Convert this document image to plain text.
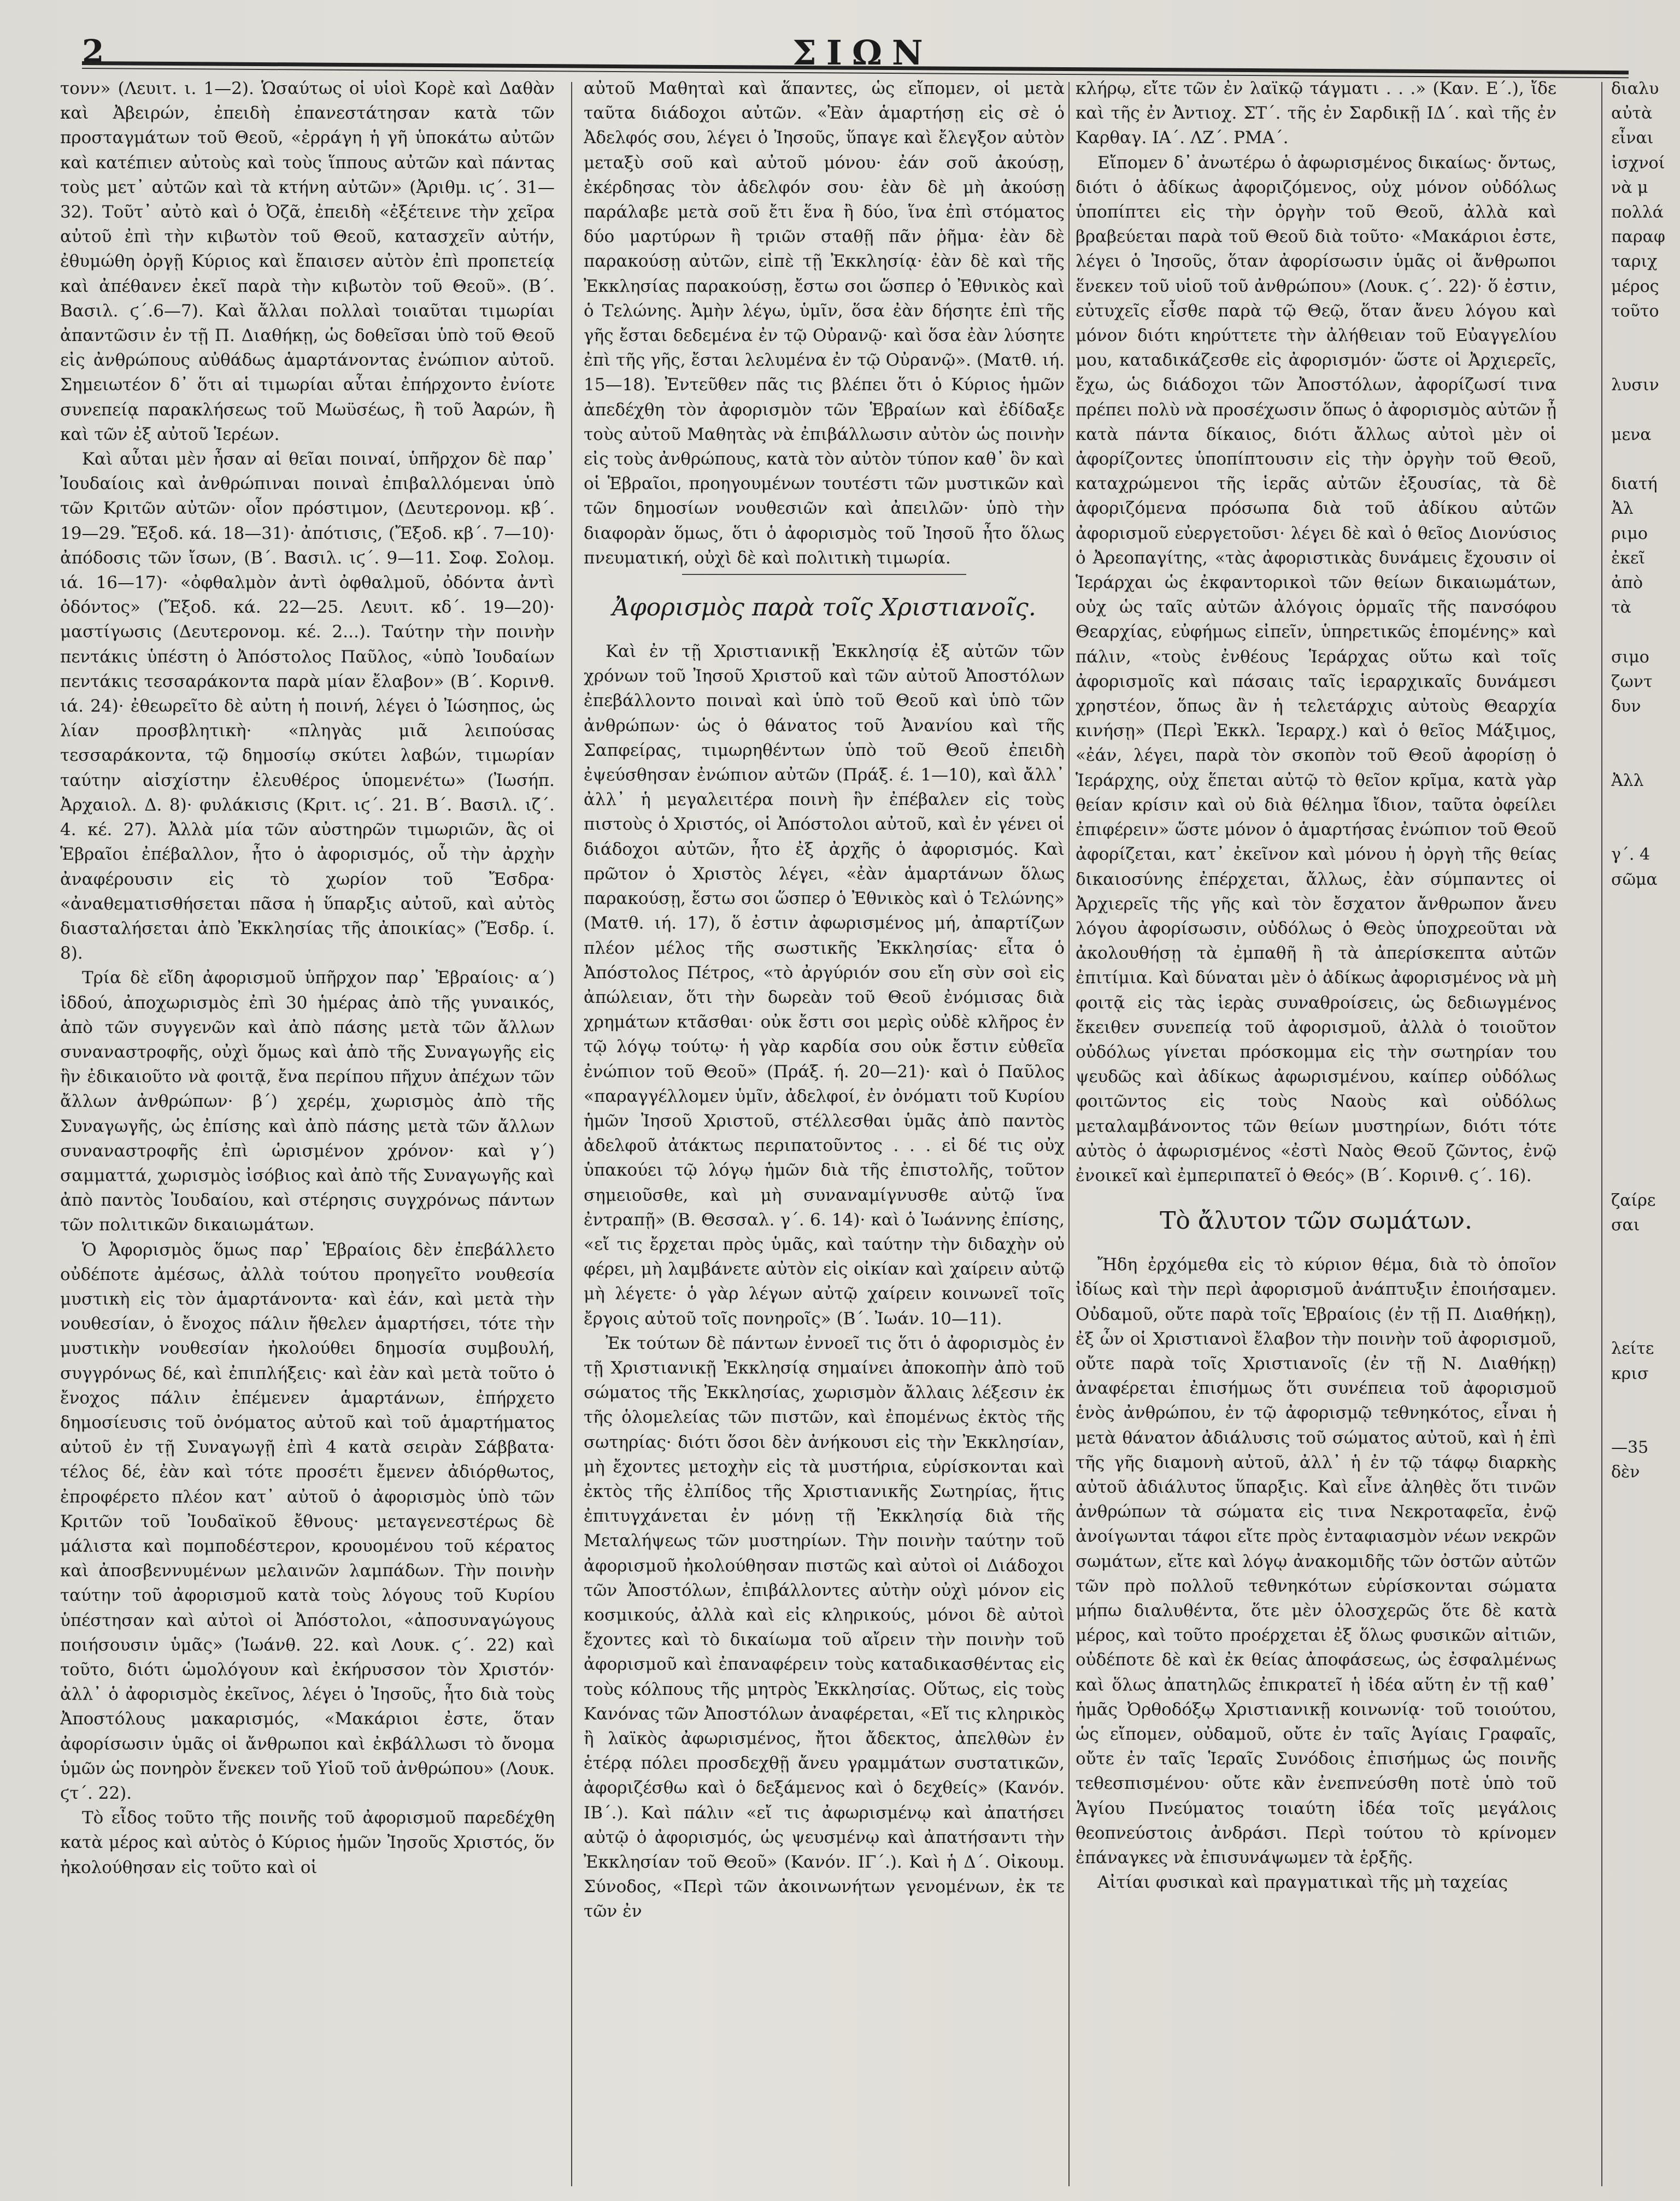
2	ΣΙΩΝ

τονν» (Λευιτ. ι. 1—2). Ὡσαύτως οἱ υἱοὶ Κορὲ καὶ Δαθὰν καὶ Ἀβειρών, ἐπειδὴ ἐπανεστάτησαν κατὰ τῶν προσταγμάτων τοῦ Θεοῦ, «ἐρράγη ἡ γῆ ὑποκάτω αὐτῶν καὶ κατέπιεν αὐτοὺς καὶ τοὺς ἵππους αὐτῶν καὶ πάντας τοὺς μετ᾽ αὐτῶν καὶ τὰ κτήνη αὐτῶν» (Ἀριθμ. ιϛ΄. 31—32). Τοῦτ᾽ αὐτὸ καὶ ὁ Ὀζᾶ, ἐπειδὴ «ἐξέτεινε τὴν χεῖρα αὐτοῦ ἐπὶ τὴν κιβωτὸν τοῦ Θεοῦ, κατασχεῖν αὐτήν, ἐθυμώθη ὀργῇ Κύριος καὶ ἔπαισεν αὐτὸν ἐπὶ προπετείᾳ καὶ ἀπέθανεν ἐκεῖ παρὰ τὴν κιβωτὸν τοῦ Θεοῦ». (Β΄. Βασιλ. ϛ΄.6—7). Καὶ ἄλλαι πολλαὶ τοιαῦται τιμωρίαι ἀπαντῶσιν ἐν τῇ Π. Διαθήκῃ, ὡς δοθεῖσαι ὑπὸ τοῦ Θεοῦ εἰς ἀνθρώπους αὐθάδως ἁμαρτάνοντας ἐνώπιον αὐτοῦ. Σημειωτέον δ᾽ ὅτι αἱ τιμωρίαι αὗται ἐπήρχοντο ἐνίοτε συνεπείᾳ παρακλήσεως τοῦ Μωϋσέως, ἢ τοῦ Ἀαρών, ἢ καὶ τῶν ἐξ αὐτοῦ Ἱερέων.

Καὶ αὗται μὲν ἦσαν αἱ θεῖαι ποιναί, ὑπῆρχον δὲ παρ᾽ Ἰουδαίοις καὶ ἀνθρώπιναι ποιναὶ ἐπιβαλλόμεναι ὑπὸ τῶν Κριτῶν αὐτῶν· οἷον πρόστιμον, (Δευτερονομ. κβ΄. 19—29. Ἔξοδ. κά. 18—31)· ἀπότισις, (Ἔξοδ. κβ΄. 7—10)· ἀπόδοσις τῶν ἴσων, (Β΄. Βασιλ. ιϛ΄. 9—11. Σοφ. Σολομ. ιά. 16—17)· «ὀφθαλμὸν ἀντὶ ὀφθαλμοῦ, ὀδόντα ἀντὶ ὀδόντος» (Ἔξοδ. κά. 22—25. Λευιτ. κδ΄. 19—20)· μαστίγωσις (Δευτερονομ. κέ. 2...). Ταύτην τὴν ποινὴν πεντάκις ὑπέστη ὁ Ἀπόστολος Παῦλος, «ὑπὸ Ἰουδαίων πεντάκις τεσσαράκοντα παρὰ μίαν ἔλαβον» (Β΄. Κορινθ. ιά. 24)· ἐθεωρεῖτο δὲ αὐτη ἡ ποινή, λέγει ὁ Ἰώσηπος, ὡς λίαν προσβλητικὴ· «πληγὰς μιᾶ λειπούσας τεσσαράκοντα, τῷ δημοσίῳ σκύτει λαβών, τιμωρίαν ταύτην αἰσχίστην ἐλευθέρος ὑπομενέτω» (Ἰωσήπ. Ἀρχαιολ. Δ. 8)· φυλάκισις (Κριτ. ιϛ΄. 21. Β΄. Βασιλ. ιζ΄. 4. κέ. 27). Ἀλλὰ μία τῶν αὐστηρῶν τιμωριῶν, ἃς οἱ Ἑβραῖοι ἐπέβαλλον, ἦτο ὁ ἀφορισμός, οὗ τὴν ἀρχὴν ἀναφέρουσιν εἰς τὸ χωρίον τοῦ Ἔσδρα· «ἀναθεματισθήσεται πᾶσα ἡ ὕπαρξις αὐτοῦ, καὶ αὐτὸς διασταλήσεται ἀπὸ Ἐκκλησίας τῆς ἀποικίας» (Ἔσδρ. ί. 8).

Τρία δὲ εἴδη ἀφορισμοῦ ὑπῆρχον παρ᾽ Ἑβραίοις· α΄) ἰδδού, ἀποχωρισμὸς ἐπὶ 30 ἡμέρας ἀπὸ τῆς γυναικός, ἀπὸ τῶν συγγενῶν καὶ ἀπὸ πάσης μετὰ τῶν ἄλλων συναναστροφῆς, οὐχὶ ὅμως καὶ ἀπὸ τῆς Συναγωγῆς εἰς ἣν ἐδικαιοῦτο νὰ φοιτᾷ, ἔνα περίπου πῆχυν ἀπέχων τῶν ἄλλων ἀνθρώπων· β΄) χερέμ, χωρισμὸς ἀπὸ τῆς Συναγωγῆς, ὡς ἐπίσης καὶ ἀπὸ πάσης μετὰ τῶν ἄλλων συναναστροφῆς ἐπὶ ὡρισμένον χρόνον· καὶ γ΄) σαμματτά, χωρισμὸς ἰσόβιος καὶ ἀπὸ τῆς Συναγωγῆς καὶ ἀπὸ παντὸς Ἰουδαίου, καὶ στέρησις συγχρόνως πάντων τῶν πολιτικῶν δικαιωμάτων.

Ὁ Ἀφορισμὸς ὅμως παρ᾽ Ἑβραίοις δὲν ἐπεβάλλετο οὐδέποτε ἀμέσως, ἀλλὰ τούτου προηγεῖτο νουθεσία μυστικὴ εἰς τὸν ἁμαρτάνοντα· καὶ ἐάν, καὶ μετὰ τὴν νουθεσίαν, ὁ ἔνοχος πάλιν ἤθελεν ἁμαρτήσει, τότε τὴν μυστικὴν νουθεσίαν ἠκολούθει δημοσία συμβουλή, συγγρόνως δέ, καὶ ἐπιπλήξεις· καὶ ἐὰν καὶ μετὰ τοῦτο ὁ ἔνοχος πάλιν ἐπέμενεν ἁμαρτάνων, ἐπήρχετο δημοσίευσις τοῦ ὀνόματος αὐτοῦ καὶ τοῦ ἁμαρτήματος αὐτοῦ ἐν τῇ Συναγωγῇ ἐπὶ 4 κατὰ σειρὰν Σάββατα· τέλος δέ, ἐὰν καὶ τότε προσέτι ἔμενεν ἀδιόρθωτος, ἐπροφέρετο πλέον κατ᾽ αὐτοῦ ὁ ἀφορισμὸς ὑπὸ τῶν Κριτῶν τοῦ Ἰουδαϊκοῦ ἔθνους· μεταγενεστέρως δὲ μάλιστα καὶ πομποδέστερον, κρουομένου τοῦ κέρατος καὶ ἀποσβεννυμένων μελαινῶν λαμπάδων. Τὴν ποινὴν ταύτην τοῦ ἀφορισμοῦ κατὰ τοὺς λόγους τοῦ Κυρίου ὑπέστησαν καὶ αὐτοὶ οἱ Ἀπόστολοι, «ἀποσυναγώγους ποιήσουσιν ὑμᾶς» (Ἰωάνθ. 22. καὶ Λουκ. ϛ΄. 22) καὶ τοῦτο, διότι ὡμολόγουν καὶ ἐκήρυσσον τὸν Χριστόν· ἀλλ᾽ ὁ ἀφορισμὸς ἐκεῖνος, λέγει ὁ Ἰησοῦς, ἦτο διὰ τοὺς Ἀποστόλους μακαρισμός, «Μακάριοι ἐστε, ὅταν ἀφορίσωσιν ὑμᾶς οἱ ἄνθρωποι καὶ ἐκβάλλωσι τὸ ὄνομα ὑμῶν ὡς πονηρὸν ἕνεκεν τοῦ Υἱοῦ τοῦ ἀνθρώπου» (Λουκ. ϛτ΄. 22).

Τὸ εἶδος τοῦτο τῆς ποινῆς τοῦ ἀφορισμοῦ παρεδέχθη κατὰ μέρος καὶ αὐτὸς ὁ Κύριος ἡμῶν Ἰησοῦς Χριστός, ὅν ἠκολούθησαν εἰς τοῦτο καὶ οἱ

αὐτοῦ Μαθηταὶ καὶ ἅπαντες, ὡς εἴπομεν, οἱ μετὰ ταῦτα διάδοχοι αὐτῶν. «Ἐὰν ἁμαρτήσῃ εἰς σὲ ὁ Ἀδελφός σου, λέγει ὁ Ἰησοῦς, ὕπαγε καὶ ἔλεγξον αὐτὸν μεταξὺ σοῦ καὶ αὐτοῦ μόνου· ἐάν σοῦ ἀκούσῃ, ἐκέρδησας τὸν ἀδελφόν σου· ἐὰν δὲ μὴ ἀκούσῃ παράλαβε μετὰ σοῦ ἔτι ἕνα ἢ δύο, ἵνα ἐπὶ στόματος δύο μαρτύρων ἢ τριῶν σταθῇ πᾶν ῥῆμα· ἐὰν δὲ παρακούσῃ αὐτῶν, εἰπὲ τῇ Ἐκκλησίᾳ· ἐὰν δὲ καὶ τῆς Ἐκκλησίας παρακούσῃ, ἔστω σοι ὥσπερ ὁ Ἐθνικὸς καὶ ὁ Τελώνης. Ἀμὴν λέγω, ὑμῖν, ὅσα ἐὰν δήσητε ἐπὶ τῆς γῆς ἔσται δεδεμένα ἐν τῷ Οὐρανῷ· καὶ ὅσα ἐὰν λύσητε ἐπὶ τῆς γῆς, ἔσται λελυμένα ἐν τῷ Οὐρανῷ». (Ματθ. ιή. 15—18). Ἐντεῦθεν πᾶς τις βλέπει ὅτι ὁ Κύριος ἡμῶν ἀπεδέχθη τὸν ἀφορισμὸν τῶν Ἑβραίων καὶ ἐδίδαξε τοὺς αὐτοῦ Μαθητὰς νὰ ἐπιβάλλωσιν αὐτὸν ὡς ποινὴν εἰς τοὺς ἀνθρώπους, κατὰ τὸν αὐτὸν τύπον καθ᾽ ὃν καὶ οἱ Ἑβραῖοι, προηγουμένων τουτέστι τῶν μυστικῶν καὶ τῶν δημοσίων νουθεσιῶν καὶ ἀπειλῶν· ὑπὸ τὴν διαφορὰν ὅμως, ὅτι ὁ ἀφορισμὸς τοῦ Ἰησοῦ ἦτο ὅλως πνευματική, οὐχὶ δὲ καὶ πολιτικὴ τιμωρία.

Ἀφορισμὸς παρὰ τοῖς Χριστιανοῖς.

Καὶ ἐν τῇ Χριστιανικῇ Ἐκκλησίᾳ ἐξ αὐτῶν τῶν χρόνων τοῦ Ἰησοῦ Χριστοῦ καὶ τῶν αὐτοῦ Ἀποστόλων ἐπεβάλλοντο ποιναὶ καὶ ὑπὸ τοῦ Θεοῦ καὶ ὑπὸ τῶν ἀνθρώπων· ὡς ὁ θάνατος τοῦ Ἀνανίου καὶ τῆς Σαπφείρας, τιμωρηθέντων ὑπὸ τοῦ Θεοῦ ἐπειδὴ ἐψεύσθησαν ἐνώπιον αὐτῶν (Πράξ. έ. 1—10), καὶ ἄλλ᾽ ἀλλ᾽ ἡ μεγαλειτέρα ποινὴ ἣν ἐπέβαλεν εἰς τοὺς πιστοὺς ὁ Χριστός, οἱ Ἀπόστολοι αὐτοῦ, καὶ ἐν γένει οἱ διάδοχοι αὐτῶν, ἦτο ἐξ ἀρχῆς ὁ ἀφορισμός. Καὶ πρῶτον ὁ Χριστὸς λέγει, «ἐὰν ἁμαρτάνων ὅλως παρακούσῃ, ἔστω σοι ὥσπερ ὁ Ἐθνικὸς καὶ ὁ Τελώνης» (Ματθ. ιή. 17), ὅ ἐστιν ἀφωρισμένος μή, ἀπαρτίζων πλέον μέλος τῆς σωστικῆς Ἐκκλησίας· εἶτα ὁ Ἀπόστολος Πέτρος, «τὸ ἀργύριόν σου εἴη σὺν σοὶ εἰς ἀπώλειαν, ὅτι τὴν δωρεὰν τοῦ Θεοῦ ἐνόμισας διὰ χρημάτων κτᾶσθαι· οὐκ ἔστι σοι μερὶς οὐδὲ κλῆρος ἐν τῷ λόγῳ τούτῳ· ἡ γὰρ καρδία σου οὐκ ἔστιν εὐθεῖα ἐνώπιον τοῦ Θεοῦ» (Πράξ. ή. 20—21)· καὶ ὁ Παῦλος «παραγγέλλομεν ὑμῖν, ἀδελφοί, ἐν ὀνόματι τοῦ Κυρίου ἡμῶν Ἰησοῦ Χριστοῦ, στέλλεσθαι ὑμᾶς ἀπὸ παντὸς ἀδελφοῦ ἀτάκτως περιπατοῦντος . . . εἰ δέ τις οὐχ ὑπακούει τῷ λόγῳ ἡμῶν διὰ τῆς ἐπιστολῆς, τοῦτον σημειοῦσθε, καὶ μὴ συναναμίγνυσθε αὐτῷ ἵνα ἐντραπῇ» (Β. Θεσσαλ. γ΄. 6. 14)· καὶ ὁ Ἰωάννης ἐπίσης, «εἴ τις ἔρχεται πρὸς ὑμᾶς, καὶ ταύτην τὴν διδαχὴν οὐ φέρει, μὴ λαμβάνετε αὐτὸν εἰς οἰκίαν καὶ χαίρειν αὐτῷ μὴ λέγετε· ὁ γὰρ λέγων αὐτῷ χαίρειν κοινωνεῖ τοῖς ἔργοις αὐτοῦ τοῖς πονηροῖς» (Β΄. Ἰωάν. 10—11).

Ἐκ τούτων δὲ πάντων ἐννοεῖ τις ὅτι ὁ ἀφορισμὸς ἐν τῇ Χριστιανικῇ Ἐκκλησίᾳ σημαίνει ἀποκοπὴν ἀπὸ τοῦ σώματος τῆς Ἐκκλησίας, χωρισμὸν ἄλλαις λέξεσιν ἐκ τῆς ὁλομελείας τῶν πιστῶν, καὶ ἐπομένως ἐκτὸς τῆς σωτηρίας· διότι ὅσοι δὲν ἀνήκουσι εἰς τὴν Ἐκκλησίαν, μὴ ἔχοντες μετοχὴν εἰς τὰ μυστήρια, εὑρίσκονται καὶ ἐκτὸς τῆς ἐλπίδος τῆς Χριστιανικῆς Σωτηρίας, ἥτις ἐπιτυγχάνεται ἐν μόνῃ τῇ Ἐκκλησίᾳ διὰ τῆς Μεταλήψεως τῶν μυστηρίων. Τὴν ποινὴν ταύτην τοῦ ἀφορισμοῦ ἠκολούθησαν πιστῶς καὶ αὐτοὶ οἱ Διάδοχοι τῶν Ἀποστόλων, ἐπιβάλλοντες αὐτὴν οὐχὶ μόνον εἰς κοσμικούς, ἀλλὰ καὶ εἰς κληρικούς, μόνοι δὲ αὐτοὶ ἔχοντες καὶ τὸ δικαίωμα τοῦ αἴρειν τὴν ποινὴν τοῦ ἀφορισμοῦ καὶ ἐπαναφέρειν τοὺς καταδικασθέντας εἰς τοὺς κόλπους τῆς μητρὸς Ἐκκλησίας. Οὕτως, εἰς τοὺς Κανόνας τῶν Ἀποστόλων ἀναφέρεται, «Εἴ τις κληρικὸς ἢ λαϊκὸς ἀφωρισμένος, ἤτοι ἄδεκτος, ἀπελθὼν ἐν ἑτέρᾳ πόλει προσδεχθῇ ἄνευ γραμμάτων συστατικῶν, ἀφοριζέσθω καὶ ὁ δεξάμενος καὶ ὁ δεχθείς» (Κανόν. ΙΒ΄.). Καὶ πάλιν «εἴ τις ἀφωρισμένῳ καὶ ἀπατήσει αὐτῷ ὁ ἀφορισμός, ὡς ψευσμένῳ καὶ ἀπατήσαντι τὴν Ἐκκλησίαν τοῦ Θεοῦ» (Κανόν. ΙΓ΄.). Καὶ ἡ Δ΄. Οἰκουμ. Σύνοδος, «Περὶ τῶν ἀκοινωνήτων γενομένων, ἐκ τε τῶν ἐν

κλήρῳ, εἴτε τῶν ἐν λαϊκῷ τάγματι . . .» (Καν. Ε΄.), ἴδε καὶ τῆς ἐν Ἀντιοχ. ΣΤ΄. τῆς ἐν Σαρδικῇ ΙΔ΄. καὶ τῆς ἐν Καρθαγ. ΙΑ΄. ΛΖ΄. ΡΜΑ΄.

Εἴπομεν δ᾽ ἀνωτέρω ὁ ἀφωρισμένος δικαίως· ὄντως, διότι ὁ ἀδίκως ἀφοριζόμενος, οὐχ μόνον οὐδόλως ὑποπίπτει εἰς τὴν ὀργὴν τοῦ Θεοῦ, ἀλλὰ καὶ βραβεύεται παρὰ τοῦ Θεοῦ διὰ τοῦτο· «Μακάριοι ἐστε, λέγει ὁ Ἰησοῦς, ὅταν ἀφορίσωσιν ὑμᾶς οἱ ἄνθρωποι ἕνεκεν τοῦ υἱοῦ τοῦ ἀνθρώπου» (Λουκ. ϛ΄. 22)· ὅ ἐστιν, εὐτυχεῖς εἶσθε παρὰ τῷ Θεῷ, ὅταν ἄνευ λόγου καὶ μόνον διότι κηρύττετε τὴν ἀλήθειαν τοῦ Εὐαγγελίου μου, καταδικάζεσθε εἰς ἀφορισμόν· ὥστε οἱ Ἀρχιερεῖς, ἔχω, ὡς διάδοχοι τῶν Ἀποστόλων, ἀφορίζωσί τινα πρέπει πολὺ νὰ προσέχωσιν ὅπως ὁ ἀφορισμὸς αὐτῶν ᾖ κατὰ πάντα δίκαιος, διότι ἄλλως αὐτοὶ μὲν οἱ ἀφορίζοντες ὑποπίπτουσιν εἰς τὴν ὀργὴν τοῦ Θεοῦ, καταχρώμενοι τῆς ἱερᾶς αὐτῶν ἐξουσίας, τὰ δὲ ἀφοριζόμενα πρόσωπα διὰ τοῦ ἀδίκου αὐτῶν ἀφορισμοῦ εὐεργετοῦσι· λέγει δὲ καὶ ὁ θεῖος Διονύσιος ὁ Ἀρεοπαγίτης, «τὰς ἀφοριστικὰς δυνάμεις ἔχουσιν οἱ Ἱεράρχαι ὡς ἐκφαντορικοὶ τῶν θείων δικαιωμάτων, οὐχ ὡς ταῖς αὐτῶν ἀλόγοις ὁρμαῖς τῆς πανσόφου Θεαρχίας, εὐφήμως εἰπεῖν, ὑπηρετικῶς ἑπομένης» καὶ πάλιν, «τοὺς ἐνθέους Ἱεράρχας οὕτω καὶ τοῖς ἀφορισμοῖς καὶ πάσαις ταῖς ἱεραρχικαῖς δυνάμεσι χρηστέον, ὅπως ἂν ἡ τελετάρχις αὐτοὺς Θεαρχία κινήσῃ» (Περὶ Ἐκκλ. Ἱεραρχ.) καὶ ὁ θεῖος Μάξιμος, «ἐάν, λέγει, παρὰ τὸν σκοπὸν τοῦ Θεοῦ ἀφορίσῃ ὁ Ἱεράρχης, οὐχ ἕπεται αὐτῷ τὸ θεῖον κρῖμα, κατὰ γὰρ θείαν κρίσιν καὶ οὐ διὰ θέλημα ἴδιον, ταῦτα ὀφείλει ἐπιφέρειν» ὥστε μόνον ὁ ἁμαρτήσας ἐνώπιον τοῦ Θεοῦ ἀφορίζεται, κατ᾽ ἐκεῖνον καὶ μόνου ἡ ὀργὴ τῆς θείας δικαιοσύνης ἐπέρχεται, ἄλλως, ἐὰν σύμπαντες οἱ Ἀρχιερεῖς τῆς γῆς καὶ τὸν ἔσχατον ἄνθρωπον ἄνευ λόγου ἀφορίσωσιν, οὐδόλως ὁ Θεὸς ὑποχρεοῦται νὰ ἀκολουθήσῃ τὰ ἐμπαθῆ ἢ τὰ ἀπερίσκεπτα αὐτῶν ἐπιτίμια. Καὶ δύναται μὲν ὁ ἀδίκως ἀφορισμένος νὰ μὴ φοιτᾷ εἰς τὰς ἱερὰς συναθροίσεις, ὡς δεδιωγμένος ἔκειθεν συνεπείᾳ τοῦ ἀφορισμοῦ, ἀλλὰ ὁ τοιοῦτον οὐδόλως γίνεται πρόσκομμα εἰς τὴν σωτηρίαν του ψευδῶς καὶ ἀδίκως ἀφωρισμένου, καίπερ οὐδόλως φοιτῶντος εἰς τοὺς Ναοὺς καὶ οὐδόλως μεταλαμβάνοντος τῶν θείων μυστηρίων, διότι τότε αὐτὸς ὁ ἀφωρισμένος «ἐστὶ Ναὸς Θεοῦ ζῶντος, ἐνῷ ἐνοικεῖ καὶ ἐμπεριπατεῖ ὁ Θεός» (Β΄. Κορινθ. ϛ΄. 16).

Τὸ ἄλυτον τῶν σωμάτων.

Ἤδη ἐρχόμεθα εἰς τὸ κύριον θέμα, διὰ τὸ ὁποῖον ἰδίως καὶ τὴν περὶ ἀφορισμοῦ ἀνάπτυξιν ἐποιήσαμεν. Οὐδαμοῦ, οὔτε παρὰ τοῖς Ἑβραίοις (ἐν τῇ Π. Διαθήκῃ), ἐξ ὧν οἱ Χριστιανοὶ ἔλαβον τὴν ποινὴν τοῦ ἀφορισμοῦ, οὔτε παρὰ τοῖς Χριστιανοῖς (ἐν τῇ Ν. Διαθήκῃ) ἀναφέρεται ἐπισήμως ὅτι συνέπεια τοῦ ἀφορισμοῦ ἑνὸς ἀνθρώπου, ἐν τῷ ἀφορισμῷ τεθνηκότος, εἶναι ἡ μετὰ θάνατον ἀδιάλυσις τοῦ σώματος αὐτοῦ, καὶ ἡ ἐπὶ τῆς γῆς διαμονὴ αὐτοῦ, ἀλλ᾽ ἡ ἐν τῷ τάφῳ διαρκὴς αὐτοῦ ἀδιάλυτος ὕπαρξις. Καὶ εἶνε ἀληθὲς ὅτι τινῶν ἀνθρώπων τὰ σώματα εἰς τινα Νεκροταφεῖα, ἐνῷ ἀνοίγωνται τάφοι εἴτε πρὸς ἐνταφιασμὸν νέων νεκρῶν σωμάτων, εἴτε καὶ λόγῳ ἀνακομιδῆς τῶν ὀστῶν αὐτῶν τῶν πρὸ πολλοῦ τεθνηκότων εὑρίσκονται σώματα μήπω διαλυθέντα, ὅτε μὲν ὁλοσχερῶς ὅτε δὲ κατὰ μέρος, καὶ τοῦτο προέρχεται ἐξ ὅλως φυσικῶν αἰτιῶν, οὐδέποτε δὲ καὶ ἐκ θείας ἀποφάσεως, ὡς ἐσφαλμένως καὶ ὅλως ἀπατηλῶς ἐπικρατεῖ ἡ ἰδέα αὕτη ἐν τῇ καθ᾽ ἡμᾶς Ὀρθοδόξῳ Χριστιανικῇ κοινωνίᾳ· τοῦ τοιούτου, ὡς εἴπομεν, οὐδαμοῦ, οὔτε ἐν ταῖς Ἁγίαις Γραφαῖς, οὔτε ἐν ταῖς Ἱεραῖς Συνόδοις ἐπισήμως ὡς ποινῆς τεθεσπισμένου· οὔτε κἂν ἐνεπνεύσθη ποτὲ ὑπὸ τοῦ Ἁγίου Πνεύματος τοιαύτη ἰδέα τοῖς μεγάλοις θεοπνεύστοις ἀνδράσι. Περὶ τούτου τὸ κρίνομεν ἐπάναγκες νὰ ἐπισυνάψωμεν τὰ ἑρξῆς.

Αἰτίαι φυσικαὶ καὶ πραγματικαὶ τῆς μὴ ταχείας

διαλυ
αὐτὰ
εἶναι
ἰσχνοί
νὰ μ
πολλά
παραφ
ταριχ
μέρος
τοῦτο

λυσιν

μενα

διατή
Ἀλ
ριμο
ἐκεῖ
ἀπὸ
τὰ

σιμο
ζωντ
δυν

Ἀλλ

γ΄. 4
σῶμα

ζαίρε
σαι

λείτε
κρισ

—35
δὲν
